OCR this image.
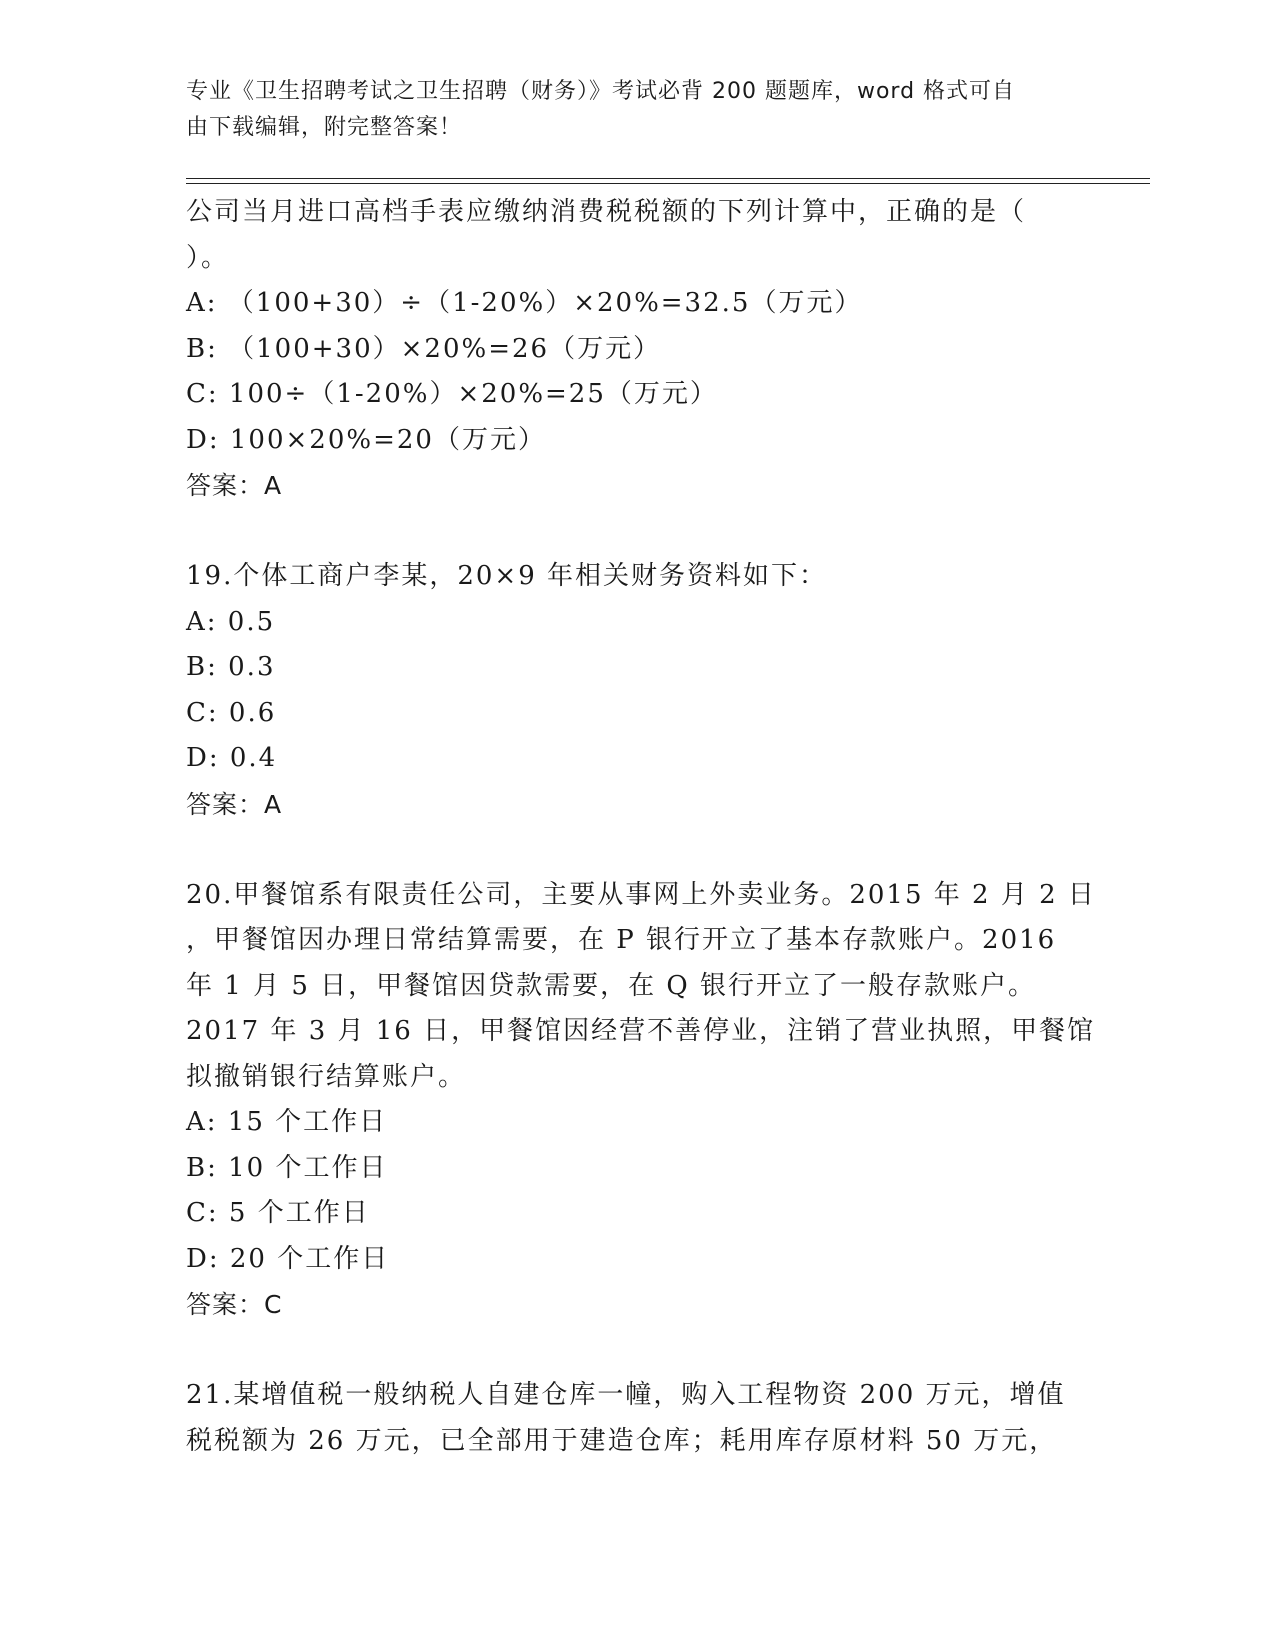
专业《卫生招聘考试之卫生招聘（财务）》考试必背 200 题题库，word 格式可自
由下载编辑，附完整答案！
公司当月进口高档手表应缴纳消费税税额的下列计算中，正确的是（
）。
A: （100+30）÷（1-20%）×20%=32.5（万元）
B: （100+30）×20%=26（万元）
C: 100÷（1-20%）×20%=25（万元）
D: 100×20%=20（万元）
答案：A
19.个体工商户李某，20×9 年相关财务资料如下：
A: 0.5
B: 0.3
C: 0.6
D: 0.4
答案：A
20.甲餐馆系有限责任公司，主要从事网上外卖业务。2015 年 2 月 2 日
，甲餐馆因办理日常结算需要，在 P 银行开立了基本存款账户。2016
年 1 月 5 日，甲餐馆因贷款需要，在 Q 银行开立了一般存款账户。
2017 年 3 月 16 日，甲餐馆因经营不善停业，注销了营业执照，甲餐馆
拟撤销银行结算账户。
A: 15 个工作日
B: 10 个工作日
C: 5 个工作日
D: 20 个工作日
答案：C
21.某增值税一般纳税人自建仓库一幢，购入工程物资 200 万元，增值
税税额为 26 万元，已全部用于建造仓库；耗用库存原材料 50 万元，
